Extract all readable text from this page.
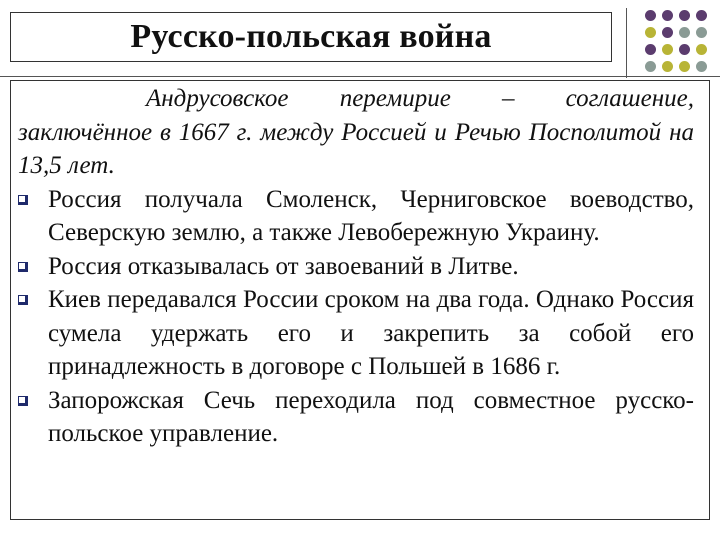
Русско-польская война

Андрусовское перемирие – соглашение, заключённое в 1667 г. между Россией и Речью Посполитой на 13,5 лет.

Россия получала Смоленск, Черниговское воеводство, Северскую землю, а также Левобережную Украину.
Россия отказывалась от завоеваний в Литве.
Киев передавался России сроком на два года. Однако Россия сумела удержать его и закрепить за собой его принадлежность в договоре с Польшей в 1686 г.
Запорожская Сечь переходила под совместное русско-польское управление.
